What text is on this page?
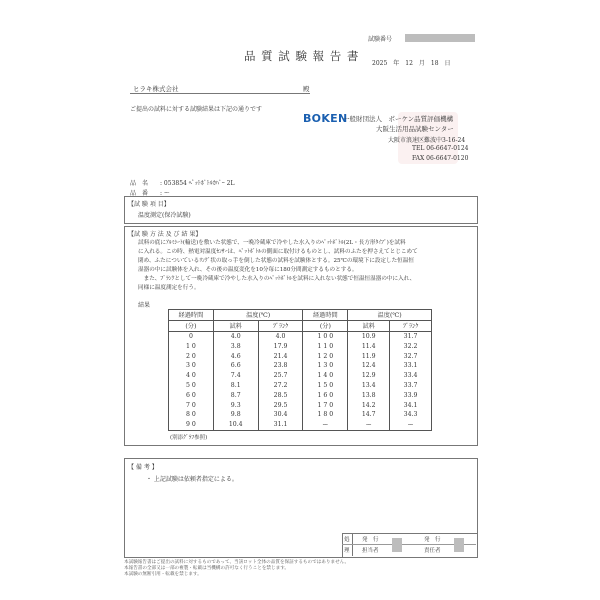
試験番号
品 質 試 験 報 告 書
2025　年　12　月　18　日
ヒラキ株式会社	殿
ご提出の試料に対する試験結果は下記の通りです
BOKEN
一般財団法人　ボーケン品質評価機構
大阪生活用品試験センター
大阪市浪速区難波中3-16-24
TEL 06-6647-0124
FAX 06-6647-0120
品　名 : 053854 ﾍﾟｯﾄﾎﾞﾄﾙｶﾊﾞｰ 2L
品　番 : ー
【試 験 項 目】
温度測定(保冷試験)
【試 験 方 法 及 び 結 果】
試料の底にｱﾙﾐｼｰﾄ(輸送)を敷いた状態で、一晩冷蔵庫で冷やした水入りのﾍﾟｯﾄﾎﾞﾄﾙ(2L・長方形ﾀｲﾌﾟ)を試料
に入れる。この時、熱電対温度ｾﾝｻｰは、ﾍﾟｯﾄﾎﾞﾄﾙの側面に取付けるものとし、試料のふたを押さえてとじこめて
閉め、ふたについているﾘﾝｸﾞ状の取っ手を倒した状態の試料を試験体とする。25℃の環境下に設定した恒温恒
湿器の中に試験体を入れ、その後の温度変化を10分毎に180分間測定するものとする。
　また、ﾌﾞﾗﾝｸとして一晩冷蔵庫で冷やした水入りのﾍﾟｯﾄﾎﾞﾄﾙを試料に入れない状態で恒温恒湿器の中に入れ、
同様に温度測定を行う。
結果
経過時間	温度(℃)		経過時間	温度(℃)	
(分)	試料	ﾌﾞﾗﾝｸ	(分)	試料	ﾌﾞﾗﾝｸ
0	4.0	4.0	1 0 0	10.9	31.7
1 0	3.8	17.9	1 1 0	11.4	32.2
2 0	4.6	21.4	1 2 0	11.9	32.7
3 0	6.6	23.8	1 3 0	12.4	33.1
4 0	7.4	25.7	1 4 0	12.9	33.4
5 0	8.1	27.2	1 5 0	13.4	33.7
6 0	8.7	28.5	1 6 0	13.8	33.9
7 0	9.3	29.5	1 7 0	14.2	34.1
8 0	9.8	30.4	1 8 0	14.7	34.3
9 0	10.4	31.1	ー	ー	ー
(別添ｸﾞﾗﾌ参照)
【 備 考 】
・ 上記試験は依頼者指定による。
処
理
発　行
担当者
発　行
責任者
本試験報告書はご提出の試料に対するものであって、当該ロット全体の品質を保証するものではありません。
本報告書の全部又は一部の複製・転載は当機構の許可なく行うことを禁じます。
本試験の無断引用・転載を禁じます。
